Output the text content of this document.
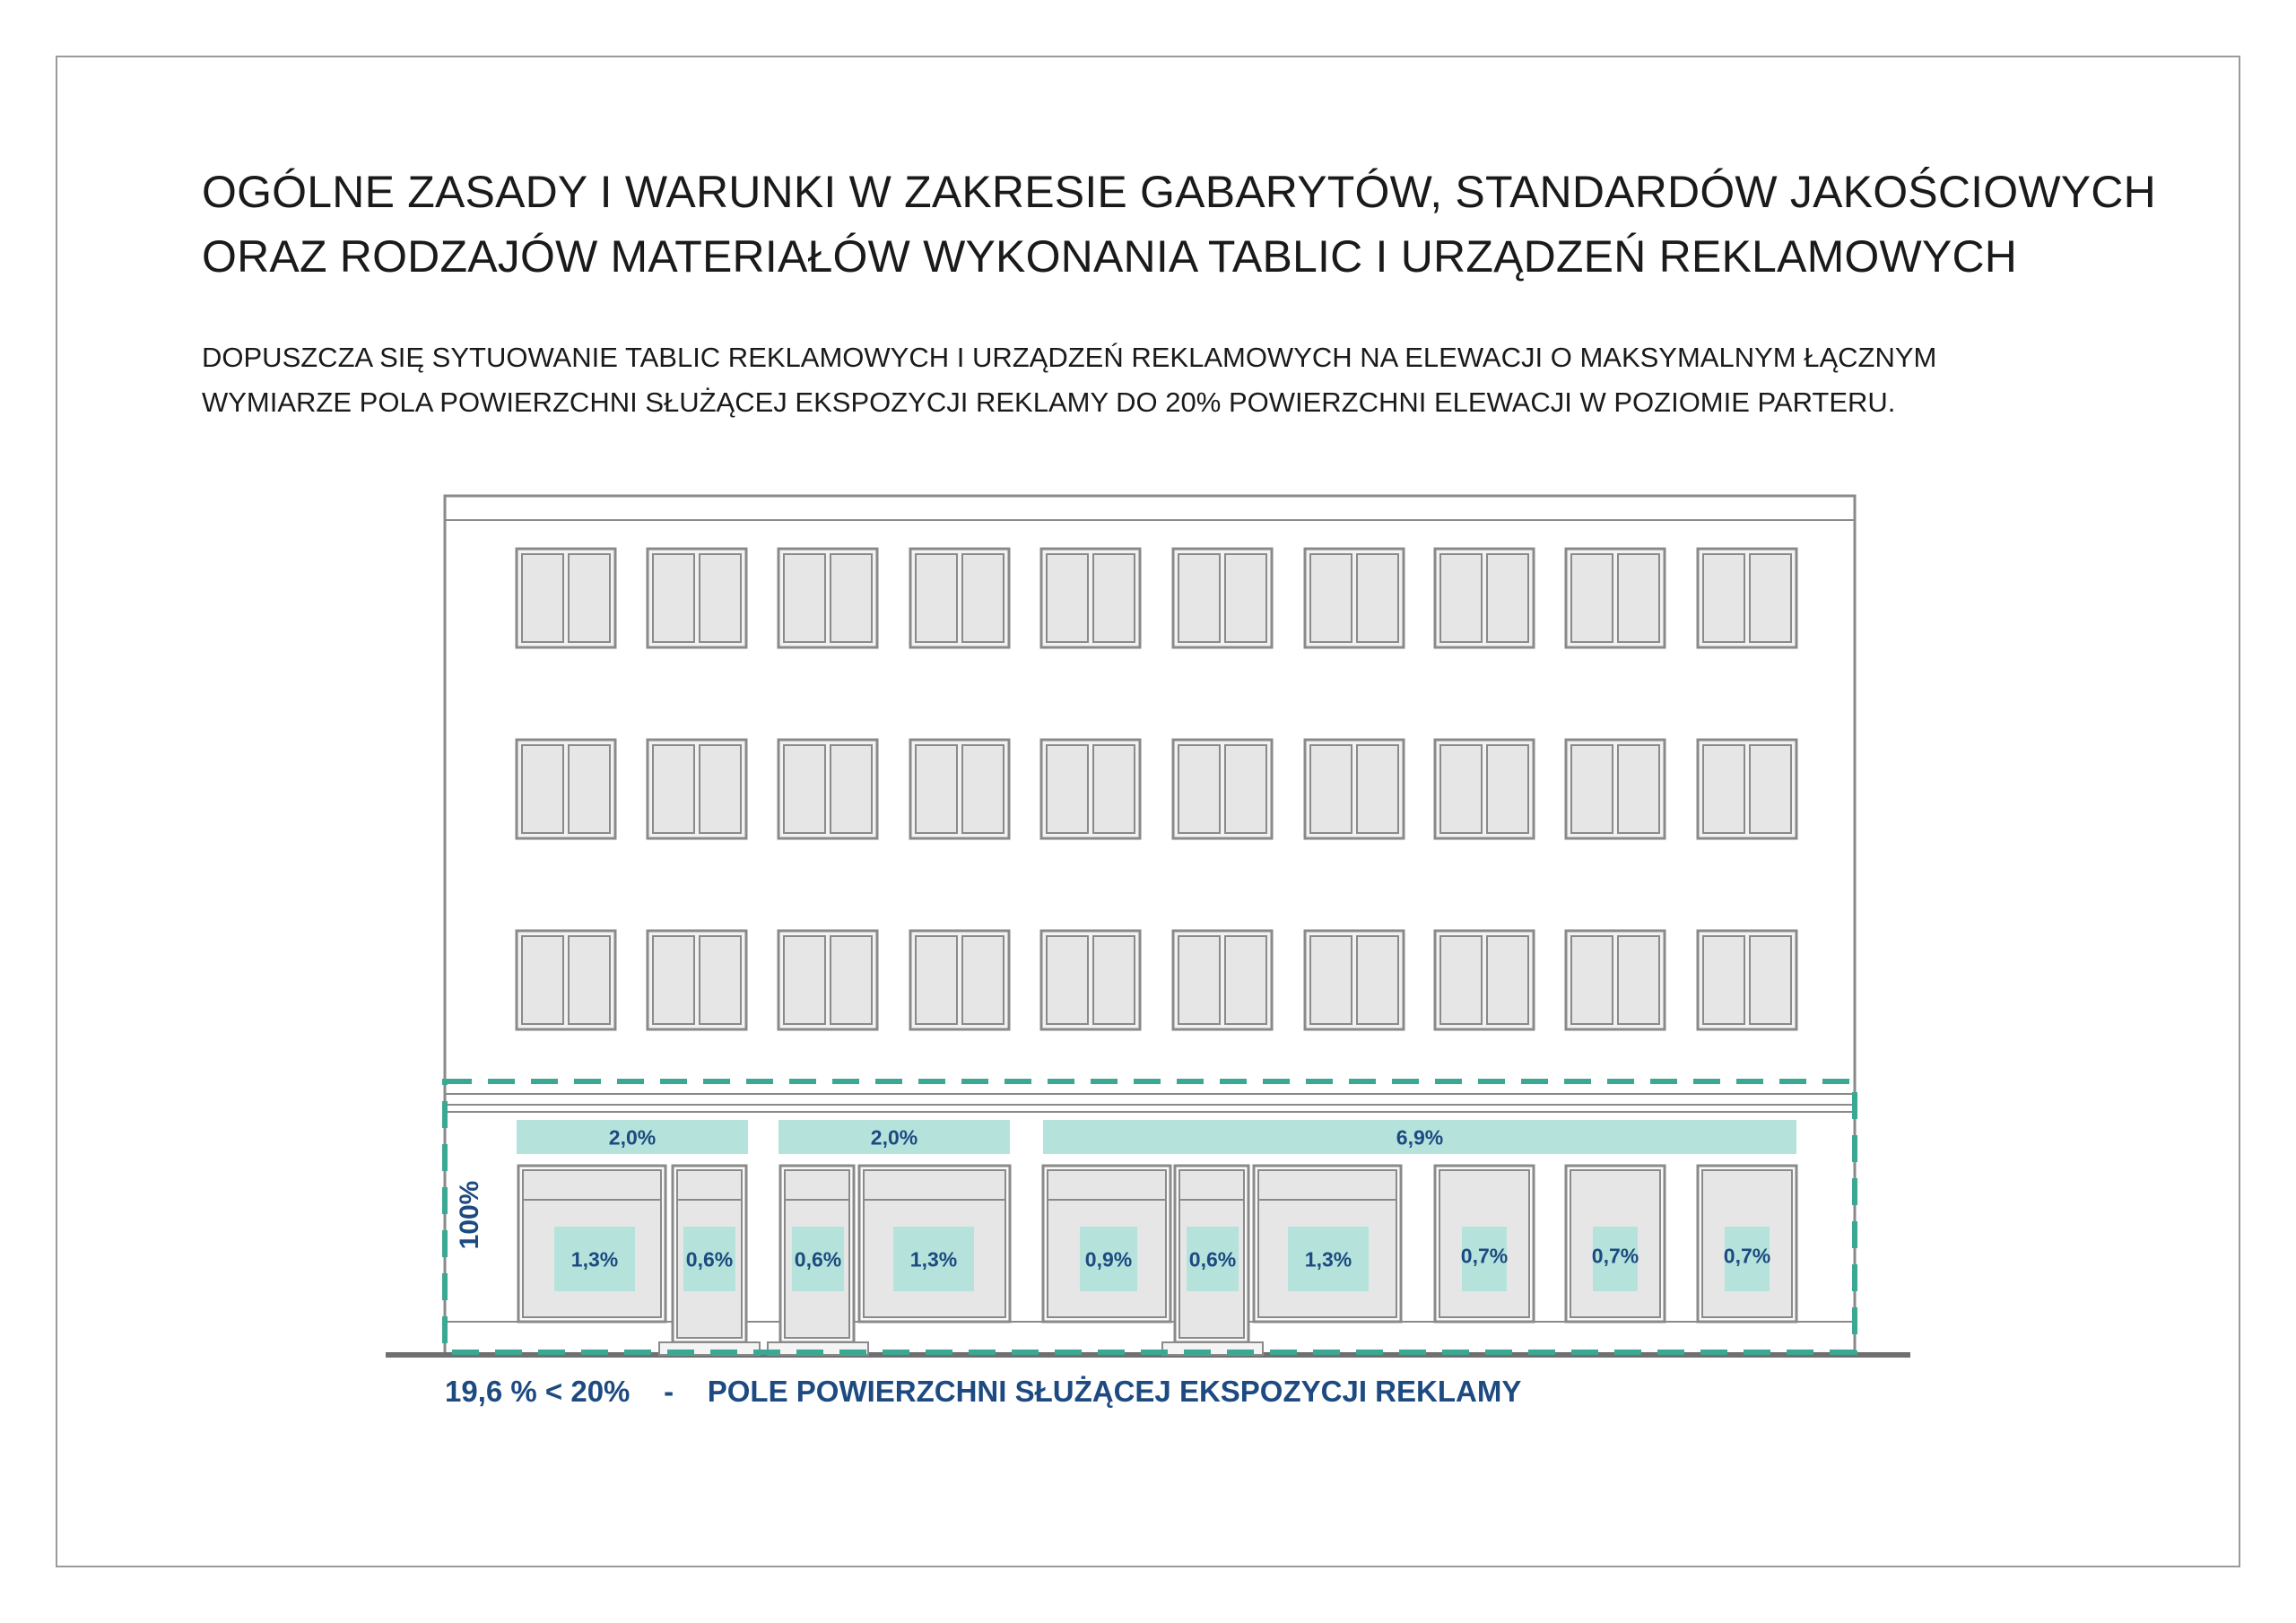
OGÓLNE ZASADY I WARUNKI W ZAKRESIE GABARYTÓW, STANDARDÓW JAKOŚCIOWYCH
ORAZ RODZAJÓW MATERIAŁÓW WYKONANIA TABLIC I URZĄDZEŃ REKLAMOWYCH
DOPUSZCZA SIĘ SYTUOWANIE TABLIC REKLAMOWYCH I URZĄDZEŃ REKLAMOWYCH NA ELEWACJI O MAKSYMALNYM ŁĄCZNYM
WYMIARZE POLA POWIERZCHNI SŁUŻĄCEJ EKSPOZYCJI REKLAMY DO 20% POWIERZCHNI ELEWACJI W POZIOMIE PARTERU.
2,0%	2,0%	6,9%
1,3%	0,6%	0,6%	1,3%	0,9%	0,6%	1,3%	0,7%	0,7%	0,7%
100%
19,6 % < 20% - POLE POWIERZCHNI SŁUŻĄCEJ EKSPOZYCJI REKLAMY
